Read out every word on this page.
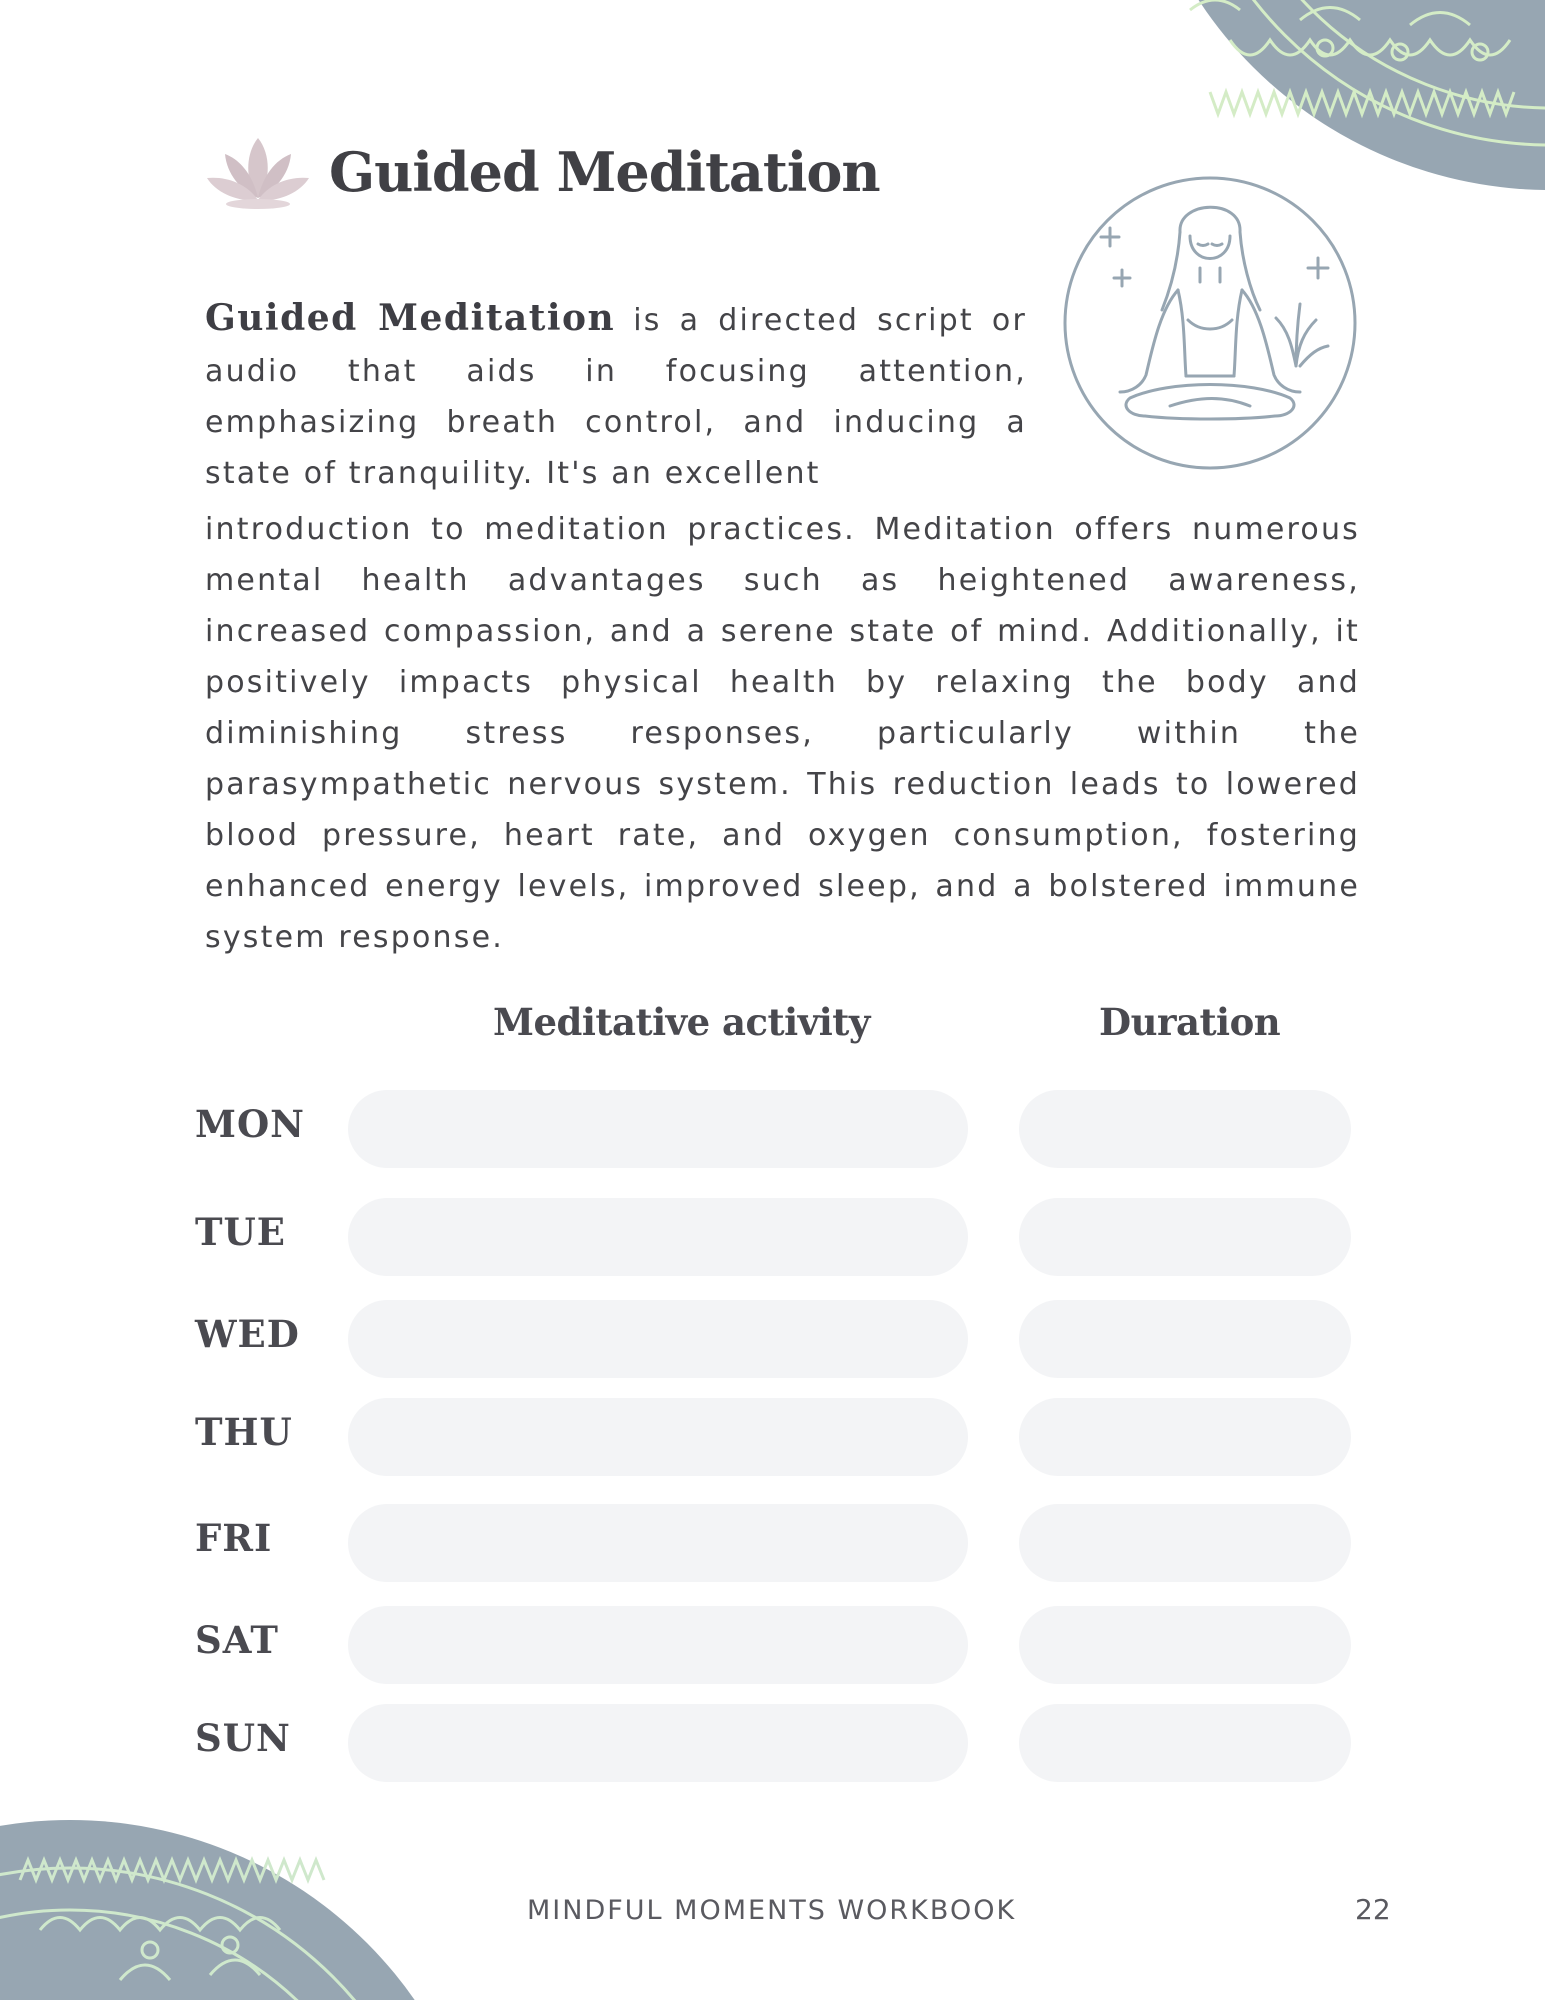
Guided Meditation

Guided Meditation is a directed script or audio that aids in focusing attention, emphasizing breath control, and inducing a state of tranquility. It's an excellent

introduction to meditation practices. Meditation offers numerous mental health advantages such as heightened awareness, increased compassion, and a serene state of mind. Additionally, it positively impacts physical health by relaxing the body and diminishing stress responses, particularly within the parasympathetic nervous system. This reduction leads to lowered blood pressure, heart rate, and oxygen consumption, fostering enhanced energy levels, improved sleep, and a bolstered immune system response.

Meditative activity	Duration
MON
TUE
WED
THU
FRI
SAT
SUN
MINDFUL MOMENTS WORKBOOK	22
